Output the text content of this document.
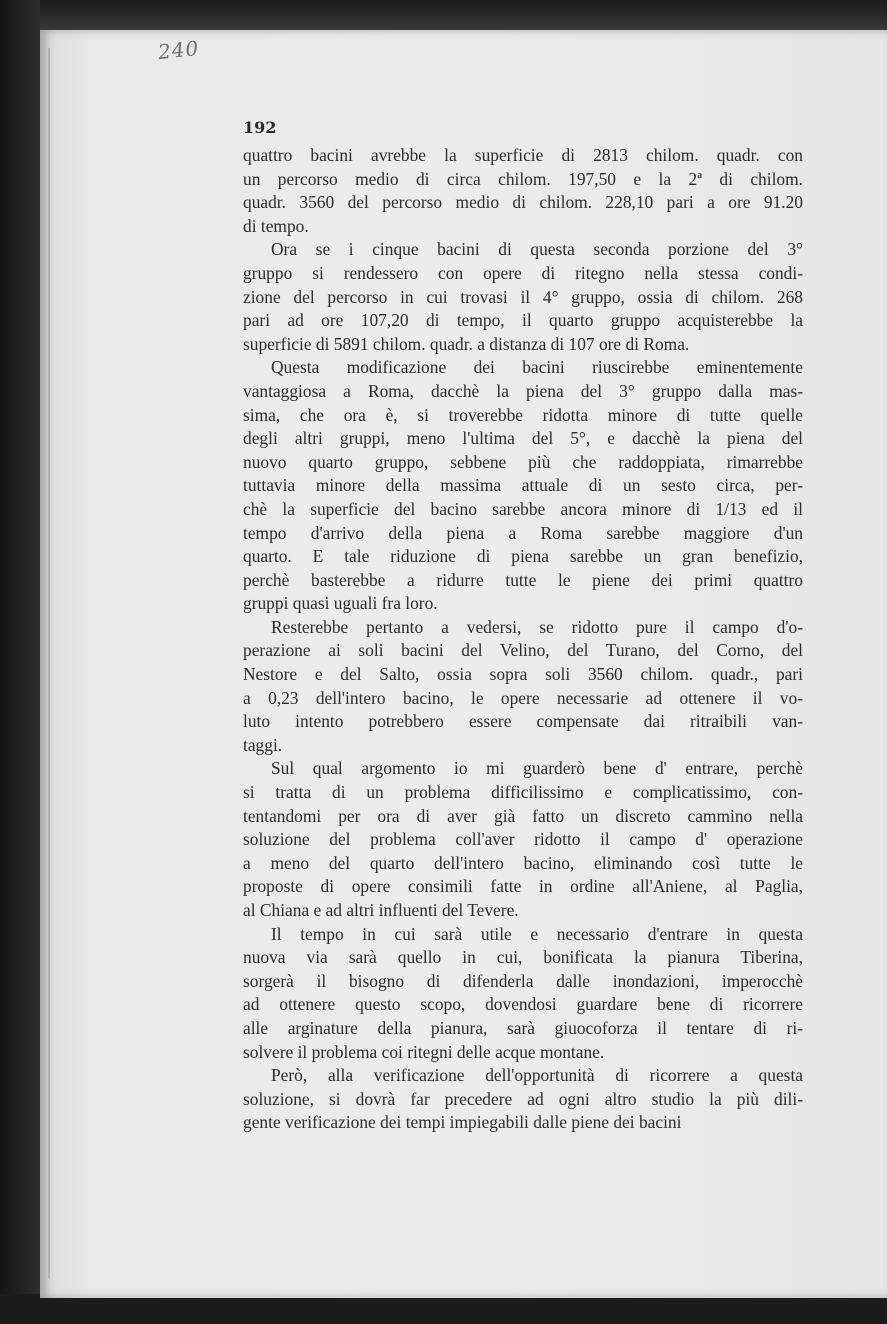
240
192
quattro bacini avrebbe la superficie di 2813 chilom. quadr. con
un percorso medio di circa chilom. 197,50 e la 2ª di chilom.
quadr. 3560 del percorso medio di chilom. 228,10 pari a ore 91.20
di tempo.
Ora se i cinque bacini di questa seconda porzione del 3°
gruppo si rendessero con opere di ritegno nella stessa condi-
zione del percorso in cui trovasi il 4° gruppo, ossia di chilom. 268
pari ad ore 107,20 di tempo, il quarto gruppo acquisterebbe la
superficie di 5891 chilom. quadr. a distanza di 107 ore di Roma.
Questa modificazione dei bacini riuscirebbe eminentemente
vantaggiosa a Roma, dacchè la piena del 3° gruppo dalla mas-
sima, che ora è, si troverebbe ridotta minore di tutte quelle
degli altri gruppi, meno l'ultima del 5°, e dacchè la piena del
nuovo quarto gruppo, sebbene più che raddoppiata, rimarrebbe
tuttavia minore della massima attuale di un sesto circa, per-
chè la superficie del bacino sarebbe ancora minore di 1/13 ed il
tempo d'arrivo della piena a Roma sarebbe maggiore d'un
quarto. E tale riduzione di piena sarebbe un gran benefizio,
perchè basterebbe a ridurre tutte le piene dei primi quattro
gruppi quasi uguali fra loro.
Resterebbe pertanto a vedersi, se ridotto pure il campo d'o-
perazione ai soli bacini del Velino, del Turano, del Corno, del
Nestore e del Salto, ossia sopra soli 3560 chilom. quadr., pari
a 0,23 dell'intero bacino, le opere necessarie ad ottenere il vo-
luto intento potrebbero essere compensate dai ritraibili van-
taggi.
Sul qual argomento io mi guarderò bene d' entrare, perchè
si tratta di un problema difficilissimo e complicatissimo, con-
tentandomi per ora di aver già fatto un discreto cammino nella
soluzione del problema coll'aver ridotto il campo d' operazione
a meno del quarto dell'intero bacino, eliminando così tutte le
proposte di opere consimili fatte in ordine all'Aniene, al Paglia,
al Chiana e ad altri influenti del Tevere.
Il tempo in cui sarà utile e necessario d'entrare in questa
nuova via sarà quello in cui, bonificata la pianura Tiberina,
sorgerà il bisogno di difenderla dalle inondazioni, imperocchè
ad ottenere questo scopo, dovendosi guardare bene di ricorrere
alle arginature della pianura, sarà giuocoforza il tentare di ri-
solvere il problema coi ritegni delle acque montane.
Però, alla verificazione dell'opportunità di ricorrere a questa
soluzione, si dovrà far precedere ad ogni altro studio la più dili-
gente verificazione dei tempi impiegabili dalle piene dei bacini
